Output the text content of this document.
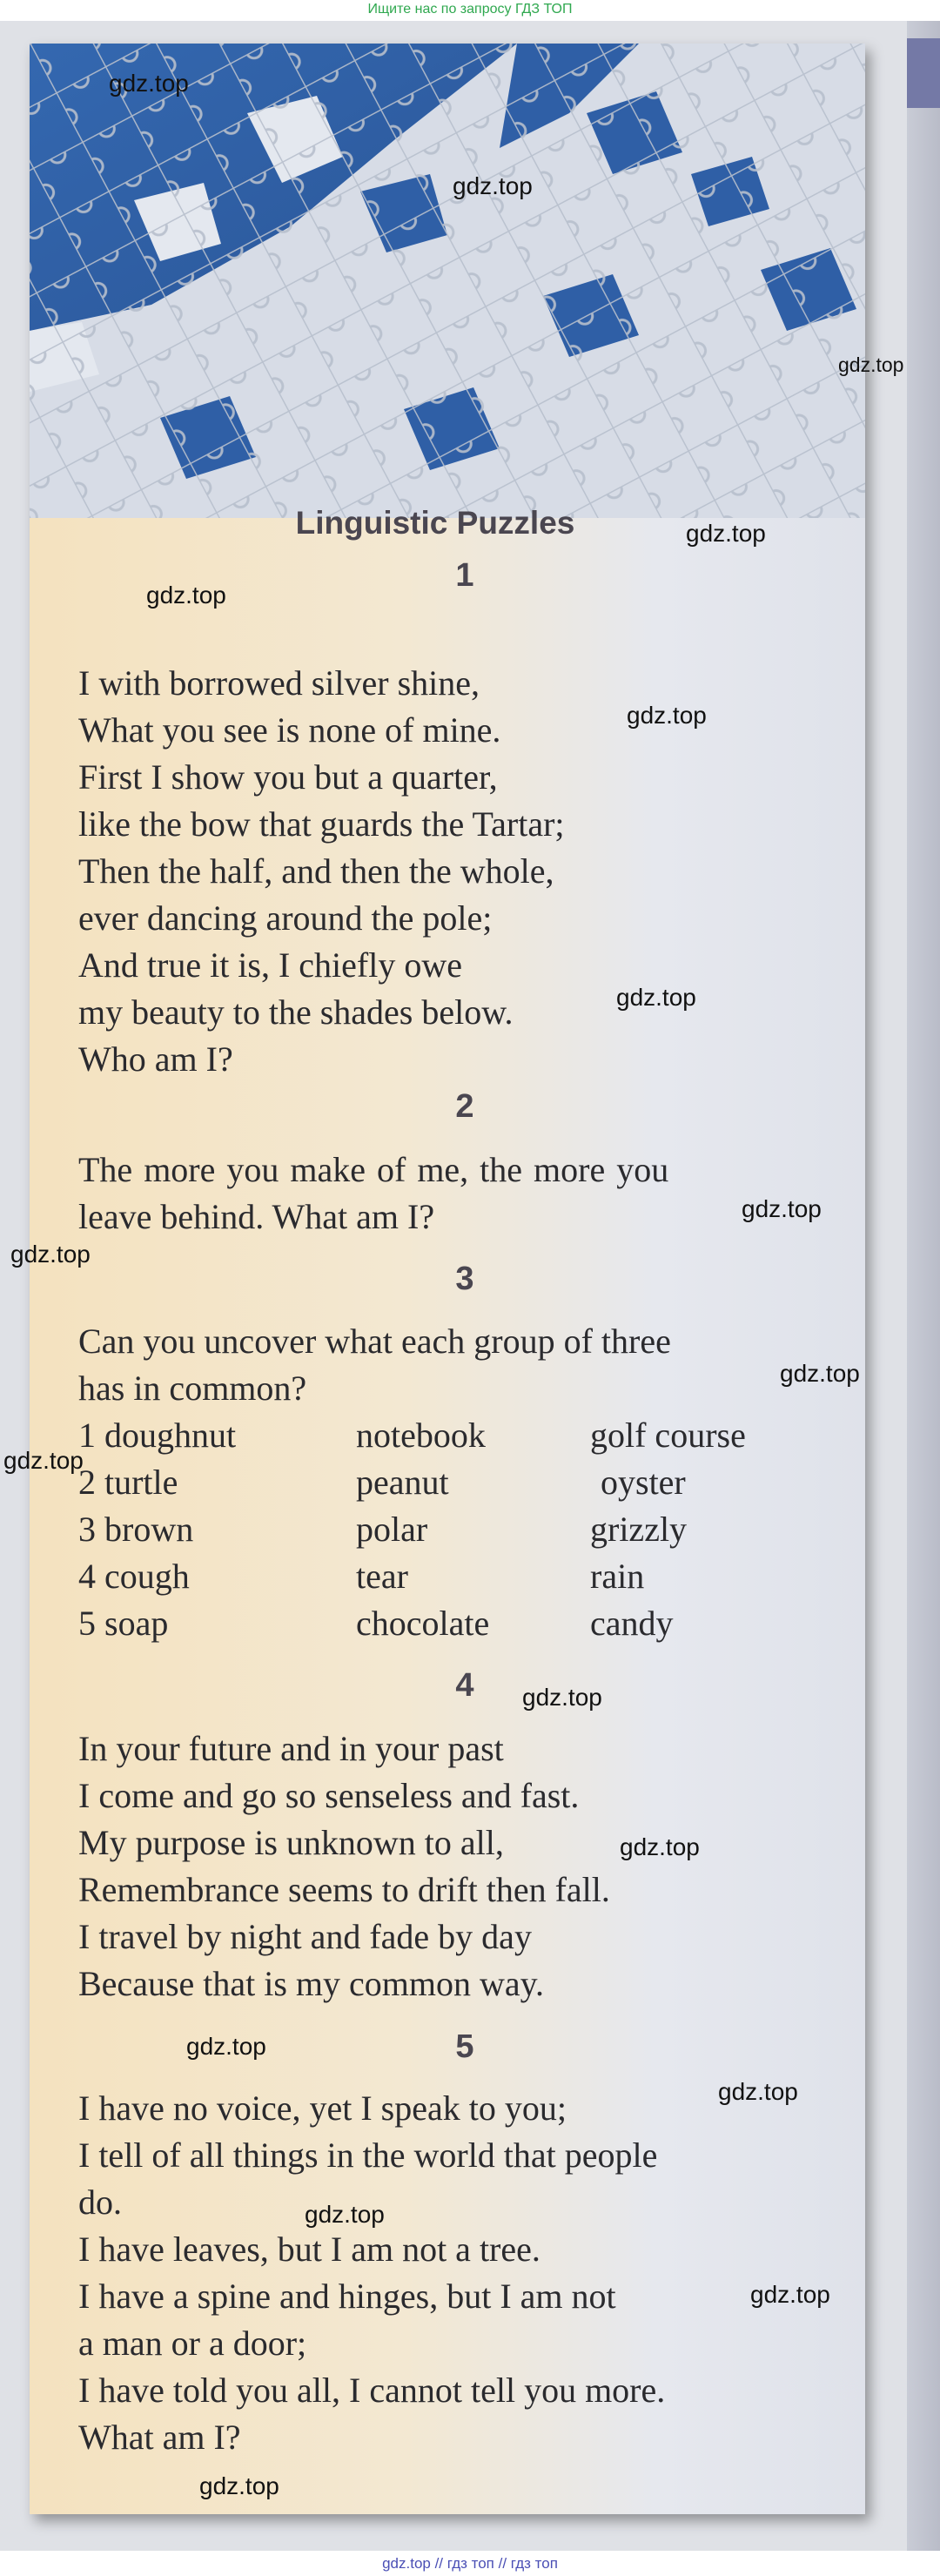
Ищите нас по запросу ГДЗ ТОП
Linguistic Puzzles
1
I with borrowed silver shine,
What you see is none of mine.
First I show you but a quarter,
like the bow that guards the Tartar;
Then the half, and then the whole,
ever dancing around the pole;
And true it is, I chiefly owe
my beauty to the shades below.
Who am I?
2
The more you make of me, the more you
leave behind. What am I?
3
Can you uncover what each group of three
has in common?
1 doughnut	notebook	golf course
2 turtle	peanut	oyster
3 brown	polar	grizzly
4 cough	tear	rain
5 soap	chocolate	candy
4
In your future and in your past
I come and go so senseless and fast.
My purpose is unknown to all,
Remembrance seems to drift then fall.
I travel by night and fade by day
Because that is my common way.
5
I have no voice, yet I speak to you;
I tell of all things in the world that people
do.
I have leaves, but I am not a tree.
I have a spine and hinges, but I am not
a man or a door;
I have told you all, I cannot tell you more.
What am I?
gdz.top
gdz.top
gdz.top
gdz.top
gdz.top
gdz.top
gdz.top
gdz.top
gdz.top
gdz.top
gdz.top
gdz.top
gdz.top
gdz.top
gdz.top
gdz.top
gdz.top
gdz.top
gdz.top // гдз топ // гдз топ
